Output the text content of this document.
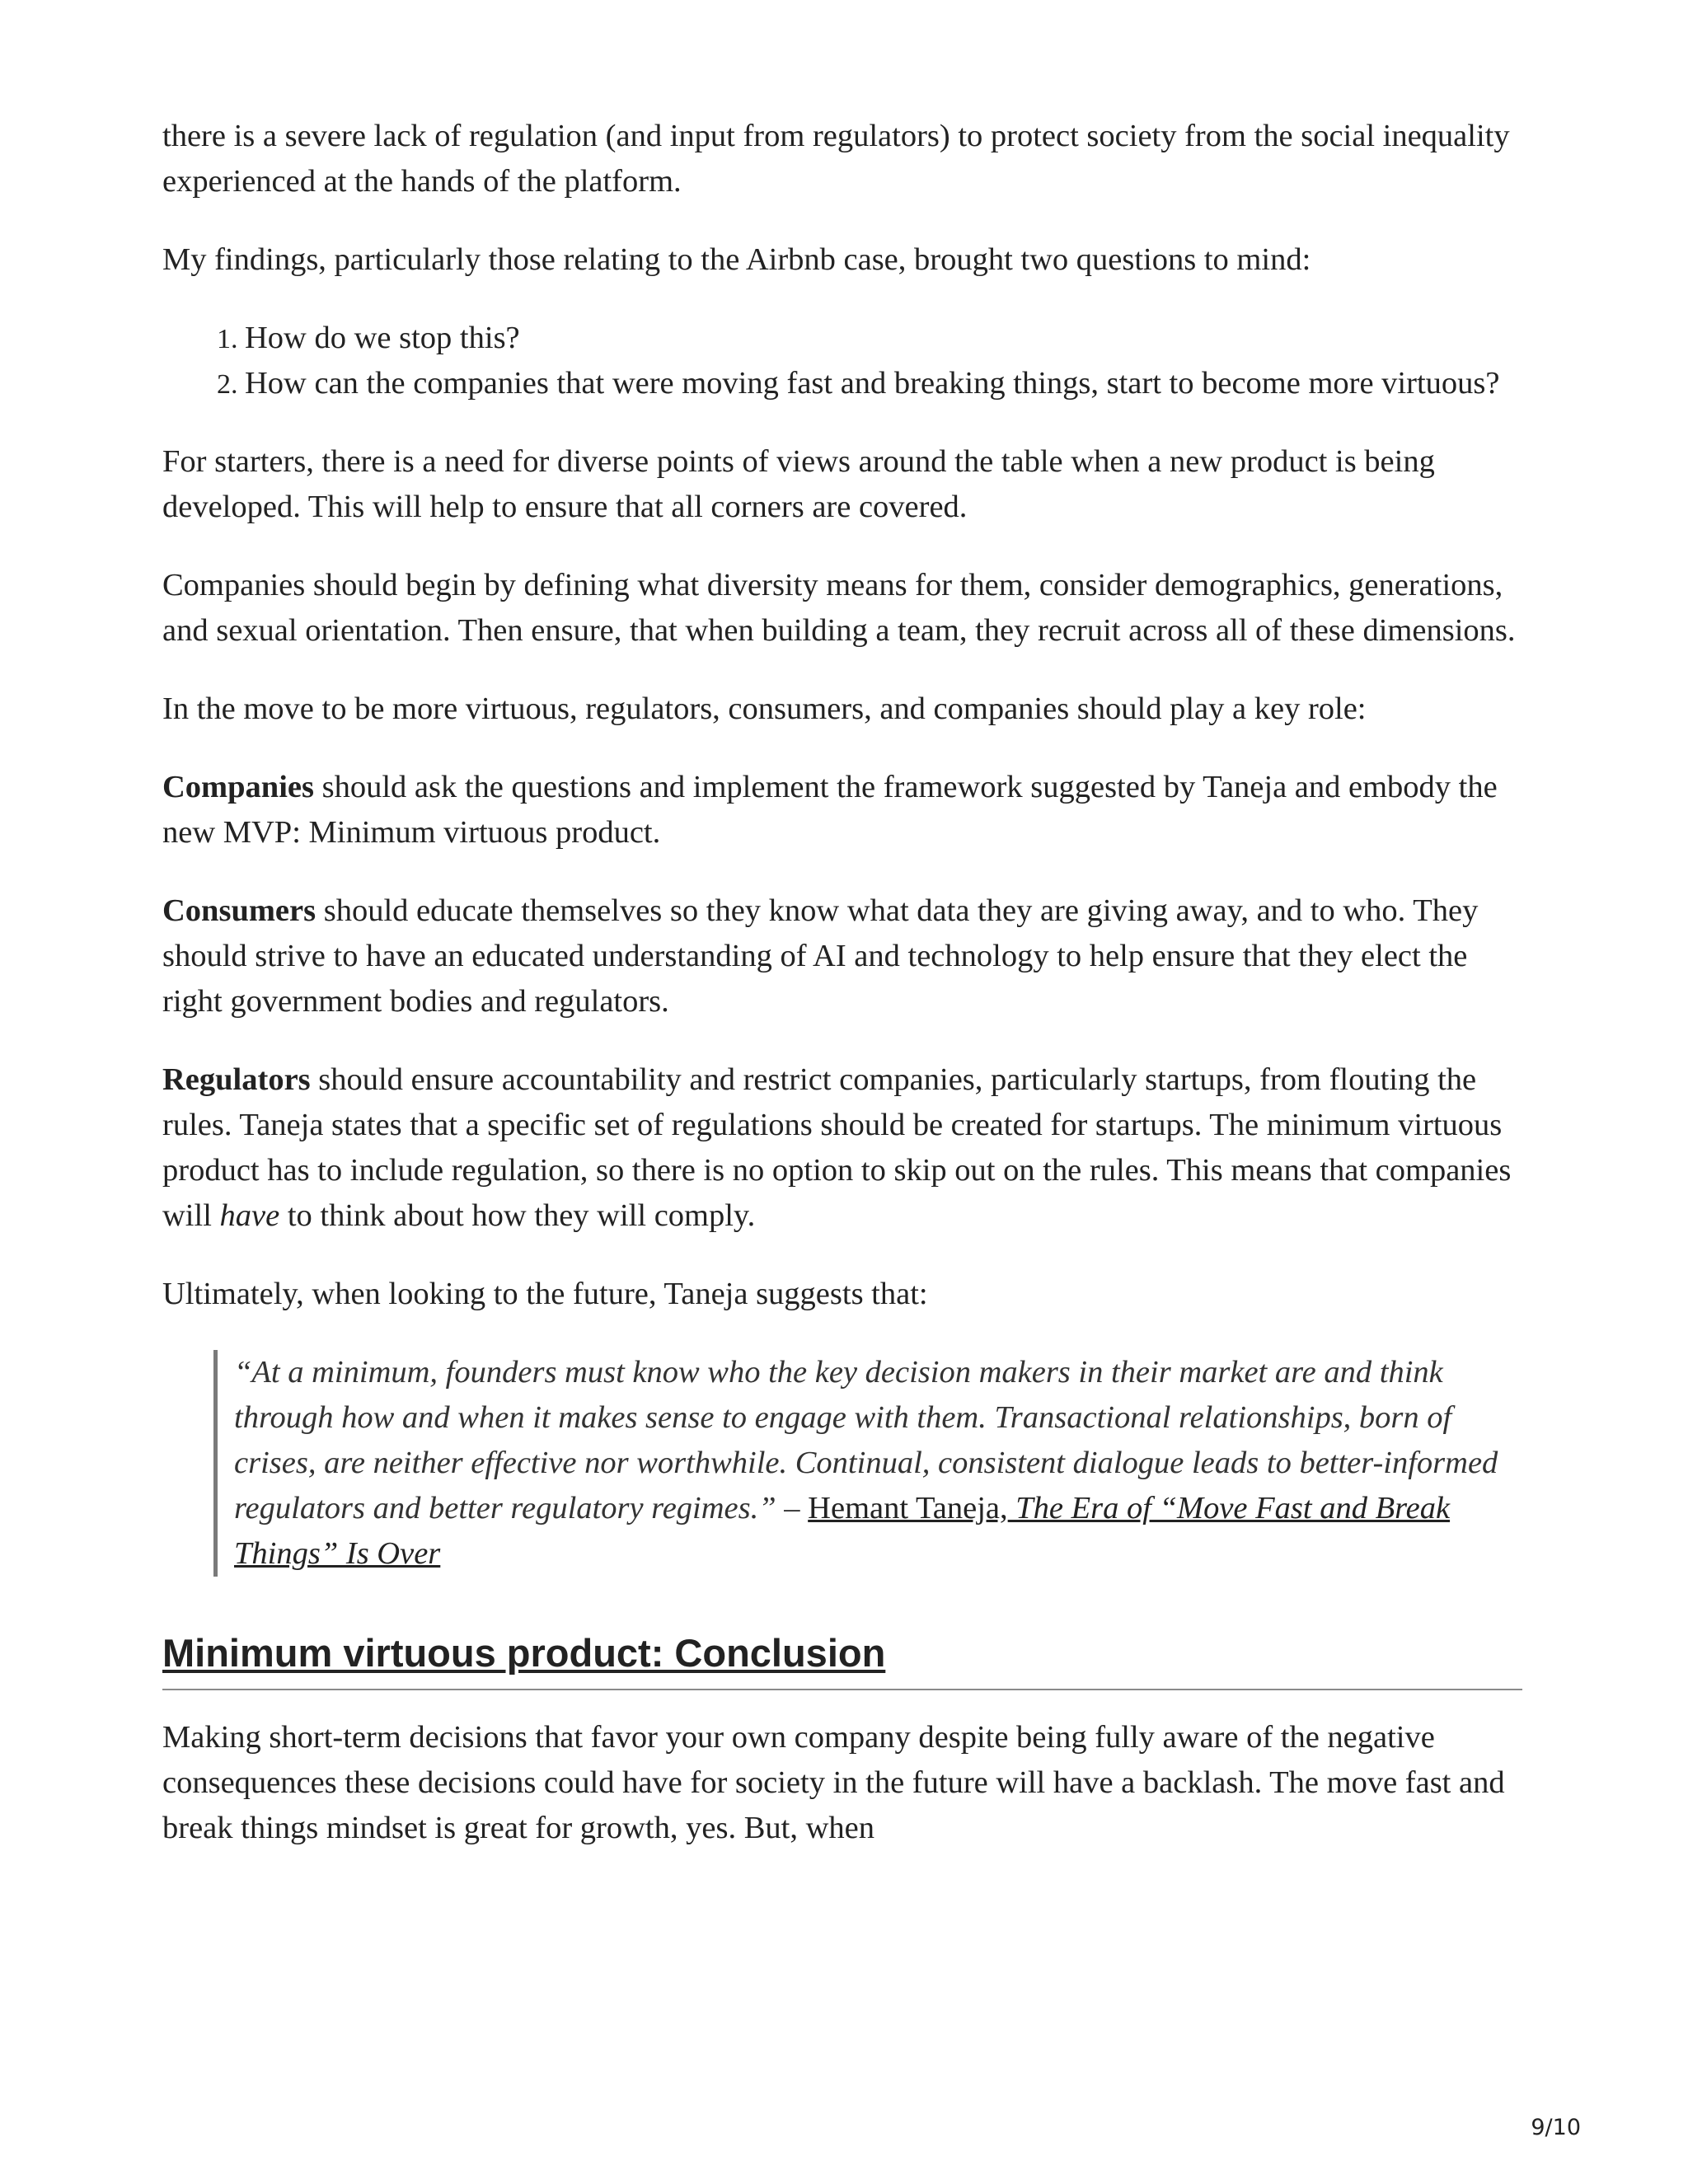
there is a severe lack of regulation (and input from regulators) to protect society from the social inequality experienced at the hands of the platform.

My findings, particularly those relating to the Airbnb case, brought two questions to mind:

1. How do we stop this?
2. How can the companies that were moving fast and breaking things, start to become more virtuous?

For starters, there is a need for diverse points of views around the table when a new product is being developed. This will help to ensure that all corners are covered.

Companies should begin by defining what diversity means for them, consider demographics, generations, and sexual orientation. Then ensure, that when building a team, they recruit across all of these dimensions.

In the move to be more virtuous, regulators, consumers, and companies should play a key role:

Companies should ask the questions and implement the framework suggested by Taneja and embody the new MVP: Minimum virtuous product.

Consumers should educate themselves so they know what data they are giving away, and to who. They should strive to have an educated understanding of AI and technology to help ensure that they elect the right government bodies and regulators.

Regulators should ensure accountability and restrict companies, particularly startups, from flouting the rules. Taneja states that a specific set of regulations should be created for startups. The minimum virtuous product has to include regulation, so there is no option to skip out on the rules. This means that companies will have to think about how they will comply.

Ultimately, when looking to the future, Taneja suggests that:

“At a minimum, founders must know who the key decision makers in their market are and think through how and when it makes sense to engage with them. Transactional relationships, born of crises, are neither effective nor worthwhile. Continual, consistent dialogue leads to better-informed regulators and better regulatory regimes.” – Hemant Taneja, The Era of “Move Fast and Break Things” Is Over
Minimum virtuous product: Conclusion

Making short-term decisions that favor your own company despite being fully aware of the negative consequences these decisions could have for society in the future will have a backlash. The move fast and break things mindset is great for growth, yes. But, when

9/10
